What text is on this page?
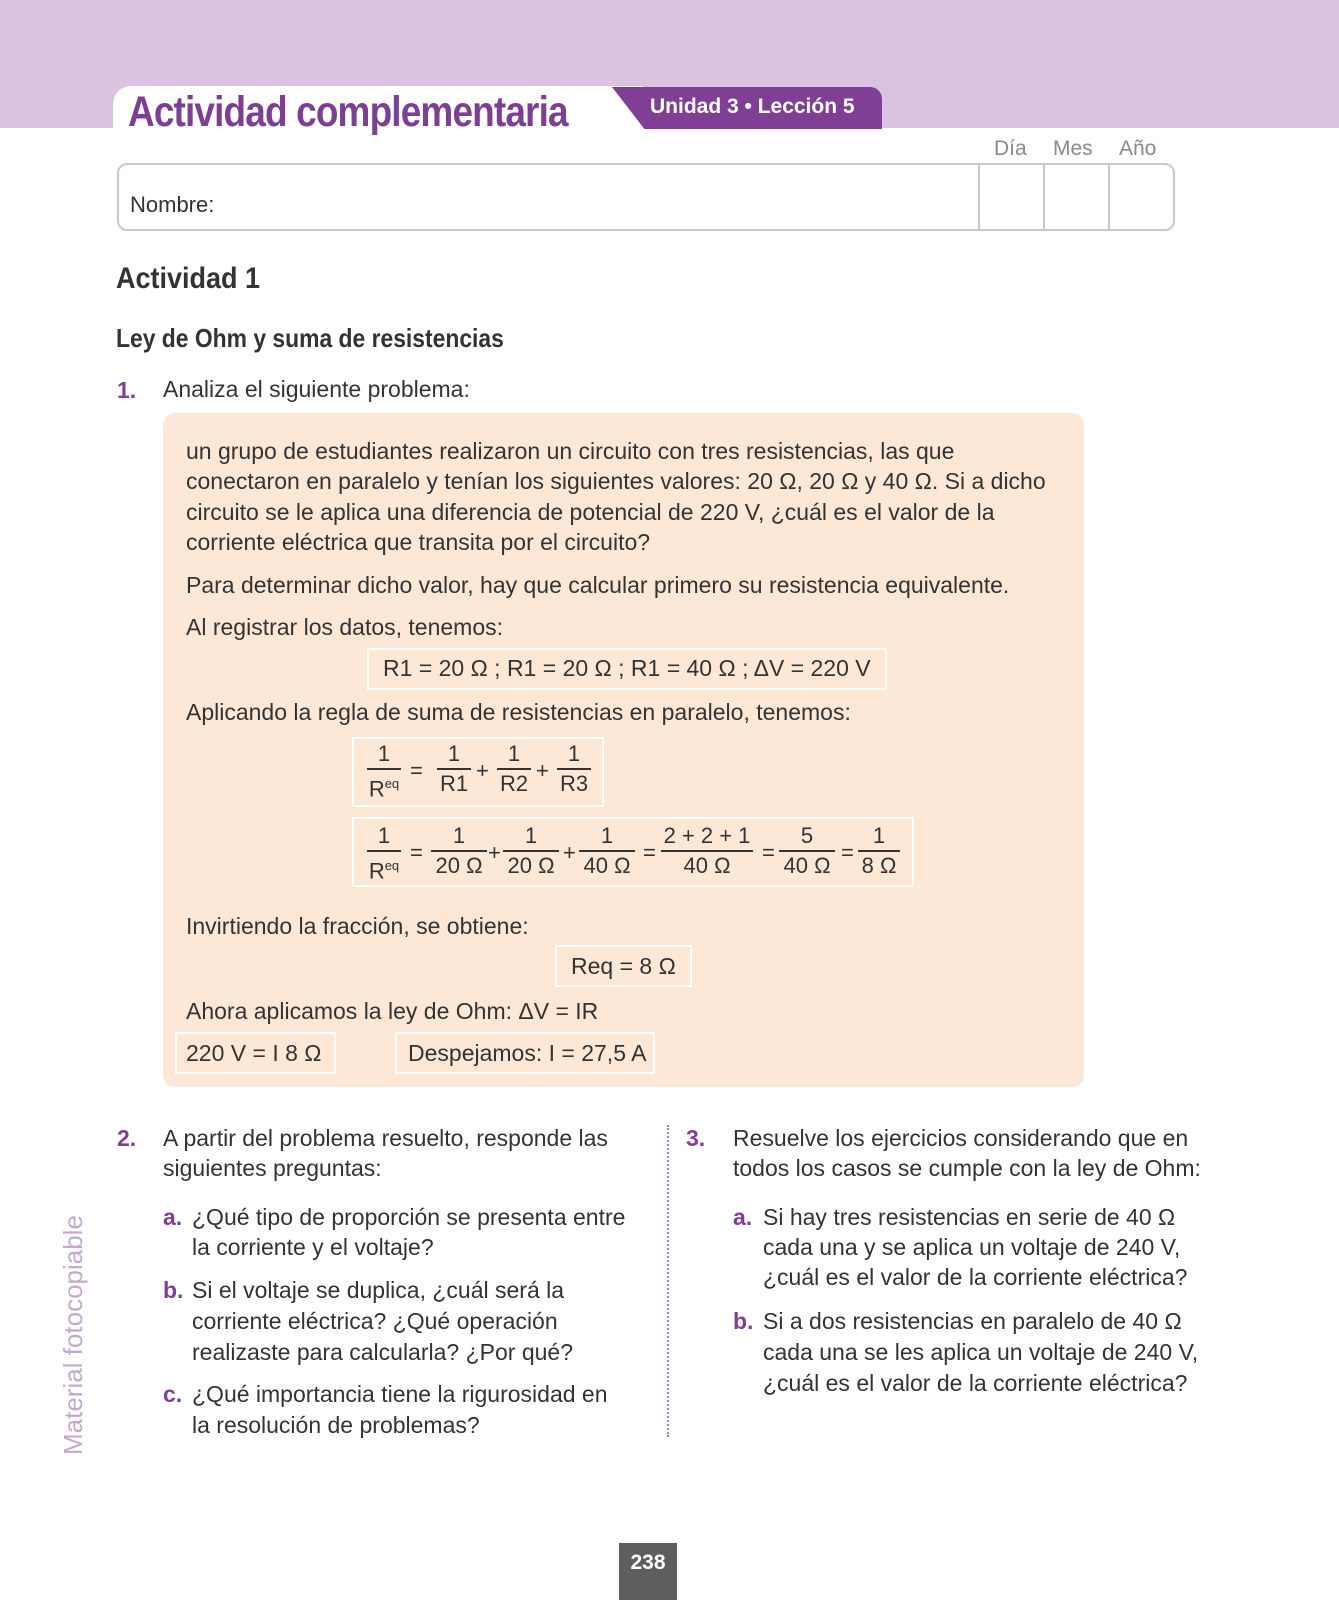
Actividad complementaria	Unidad 3 • Lección 5
Día Mes Año
Nombre:
Actividad 1
Ley de Ohm y suma de resistencias
1. Analiza el siguiente problema:
un grupo de estudiantes realizaron un circuito con tres resistencias, las que
conectaron en paralelo y tenían los siguientes valores: 20 Ω, 20 Ω y 40 Ω. Si a dicho
circuito se le aplica una diferencia de potencial de 220 V, ¿cuál es el valor de la
corriente eléctrica que transita por el circuito?
Para determinar dicho valor, hay que calcular primero su resistencia equivalente.
Al registrar los datos, tenemos:
R1 = 20 Ω ; R1 = 20 Ω ; R1 = 40 Ω ; ΔV = 220 V
Aplicando la regla de suma de resistencias en paralelo, tenemos:
1
$R^{eq}$
= $\frac{1}{R1} + \frac{1}{R2} + \frac{1}{R3}$
1
$R^{eq}$
= $\frac{1}{20 \Omega} + \frac{1}{20 \Omega} + \frac{1}{40 \Omega} = \frac{2 + 2 + 1}{40 \Omega} = \frac{5}{40 \Omega} = \frac{1}{8 \Omega}$
Invirtiendo la fracción, se obtiene:
Req = 8 Ω
Ahora aplicamos la ley de Ohm: ΔV = IR
220 V = I 8 Ω	Despejamos: I = 27,5 A
2. A partir del problema resuelto, responde las
siguientes preguntas:
a. ¿Qué tipo de proporción se presenta entre
la corriente y el voltaje?
b. Si el voltaje se duplica, ¿cuál será la
corriente eléctrica? ¿Qué operación
realizaste para calcularla? ¿Por qué?
c. ¿Qué importancia tiene la rigurosidad en
la resolución de problemas?
3. Resuelve los ejercicios considerando que en
todos los casos se cumple con la ley de Ohm:
a. Si hay tres resistencias en serie de 40 Ω
cada una y se aplica un voltaje de 240 V,
¿cuál es el valor de la corriente eléctrica?
b. Si a dos resistencias en paralelo de 40 Ω
cada una se les aplica un voltaje de 240 V,
¿cuál es el valor de la corriente eléctrica?
Material fotocopiable
238
